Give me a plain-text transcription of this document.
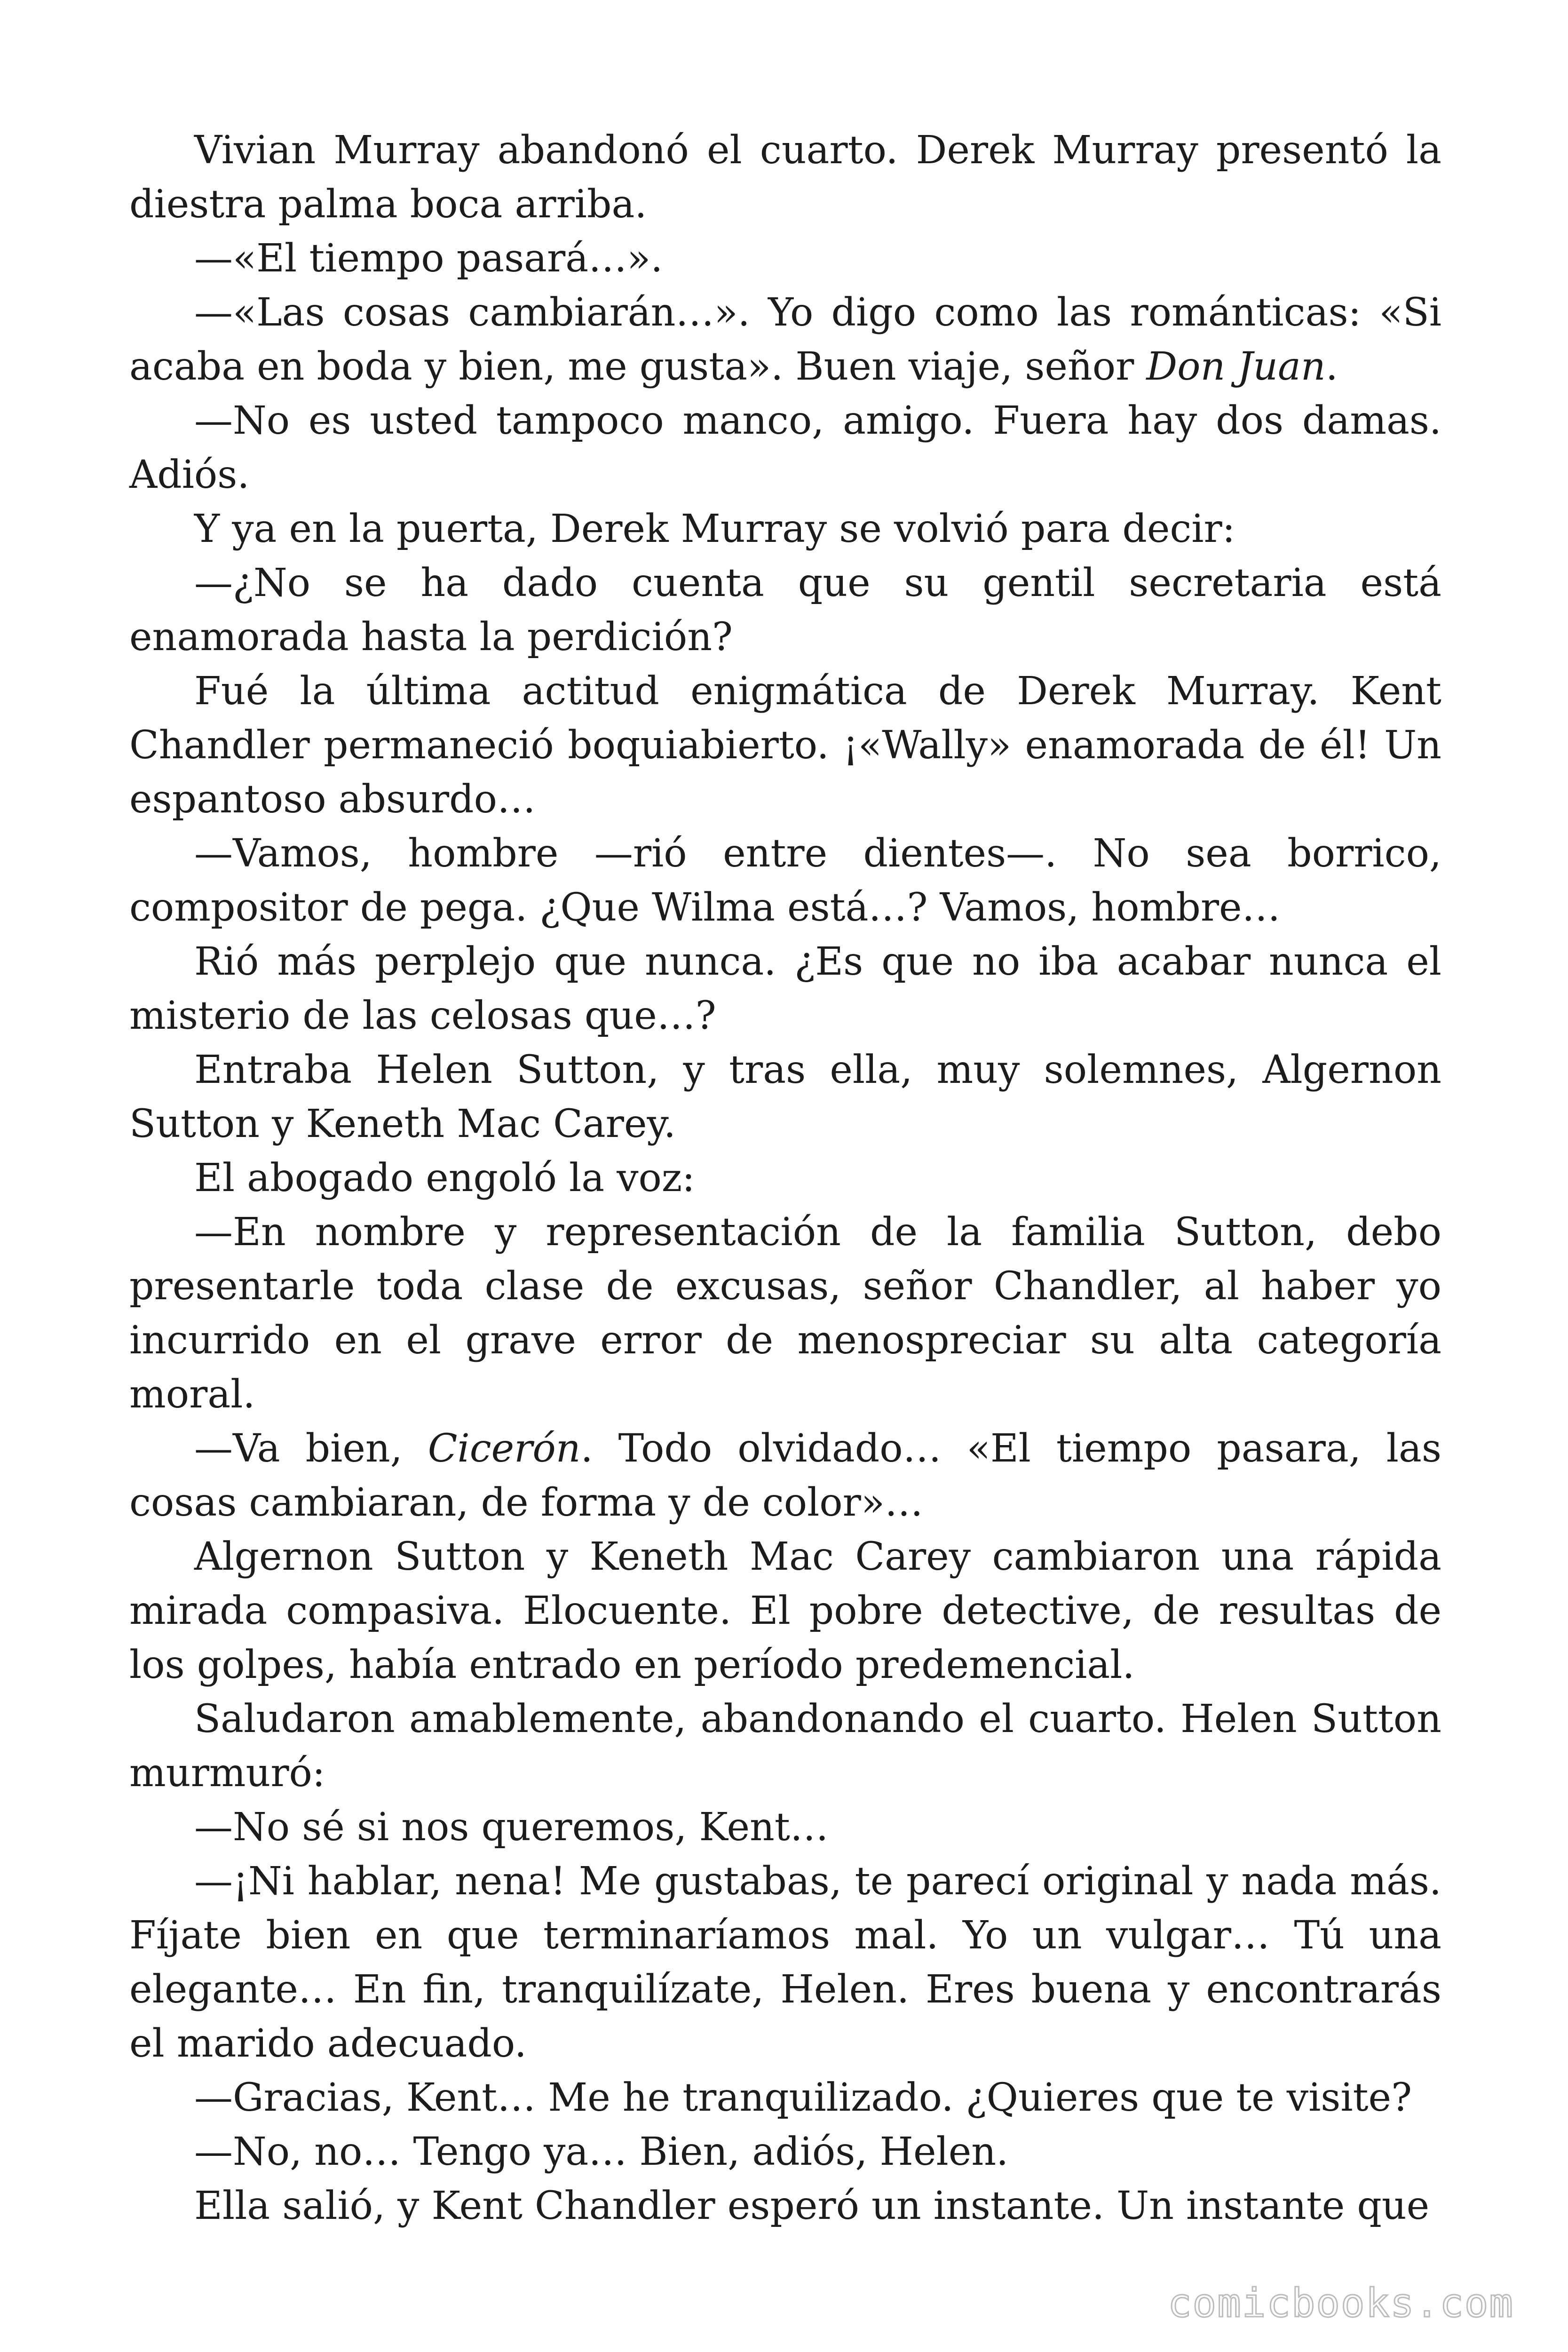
Vivian Murray abandonó el cuarto. Derek Murray presentó la diestra palma boca arriba.

—«El tiempo pasará…».

—«Las cosas cambiarán…». Yo digo como las románticas: «Si acaba en boda y bien, me gusta». Buen viaje, señor Don Juan.

—No es usted tampoco manco, amigo. Fuera hay dos damas. Adiós.

Y ya en la puerta, Derek Murray se volvió para decir:

—¿No se ha dado cuenta que su gentil secretaria está enamorada hasta la perdición?

Fué la última actitud enigmática de Derek Murray. Kent Chandler permaneció boquiabierto. ¡«Wally» enamorada de él! Un espantoso absurdo…

—Vamos, hombre —rió entre dientes—. No sea borrico, compositor de pega. ¿Que Wilma está…? Vamos, hombre…

Rió más perplejo que nunca. ¿Es que no iba acabar nunca el misterio de las celosas que…?

Entraba Helen Sutton, y tras ella, muy solemnes, Algernon Sutton y Keneth Mac Carey.

El abogado engoló la voz:

—En nombre y representación de la familia Sutton, debo presentarle toda clase de excusas, señor Chandler, al haber yo incurrido en el grave error de menospreciar su alta categoría moral.

—Va bien, Cicerón. Todo olvidado… «El tiempo pasara, las cosas cambiaran, de forma y de color»…

Algernon Sutton y Keneth Mac Carey cambiaron una rápida mirada compasiva. Elocuente. El pobre detective, de resultas de los golpes, había entrado en período predemencial.

Saludaron amablemente, abandonando el cuarto. Helen Sutton murmuró:

—No sé si nos queremos, Kent…

—¡Ni hablar, nena! Me gustabas, te parecí original y nada más. Fíjate bien en que terminaríamos mal. Yo un vulgar… Tú una elegante… En fin, tranquilízate, Helen. Eres buena y encontrarás el marido adecuado.

—Gracias, Kent… Me he tranquilizado. ¿Quieres que te visite?

—No, no… Tengo ya… Bien, adiós, Helen.

Ella salió, y Kent Chandler esperó un instante. Un instante que

comicbooks.com
